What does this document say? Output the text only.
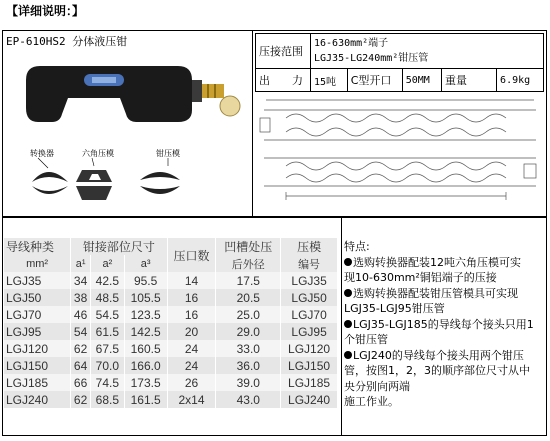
【详细说明：】
EP-610HS2 分体液压钳
转换器	六角压模	钳压模
压接范围	16-630mm²端子
LGJ35-LG240mm²钳压管				

出　　力	15吨	C型开口	50MM	重量	6.9kg
导线种类	钳接部位尺寸			压口数	凹槽处压	压模
mm²	a¹	a²	a³		后外径	编号
LGJ35	34	42.5	95.5	14	17.5	LGJ35
LGJ50	38	48.5	105.5	16	20.5	LGJ50
LGJ70	46	54.5	123.5	16	25.0	LGJ70
LGJ95	54	61.5	142.5	20	29.0	LGJ95
LGJ120	62	67.5	160.5	24	33.0	LGJ120
LGJ150	64	70.0	166.0	24	36.0	LGJ150
LGJ185	66	74.5	173.5	26	39.0	LGJ185
LGJ240	62	68.5	161.5	2x14	43.0	LGJ240
特点:
选购转换器配装12吨六角压模可实
现10-630mm²铜铝端子的压接
选购转换器配装钳压管模具可实现
LGJ35-LGJ95钳压管
LGJ35-LGJ185的导线每个接头只用1
个钳压管
LGJ240的导线每个接头用两个钳压
管，按图1，2，3的顺序部位尺寸从中
央分别向两端
施工作业。
